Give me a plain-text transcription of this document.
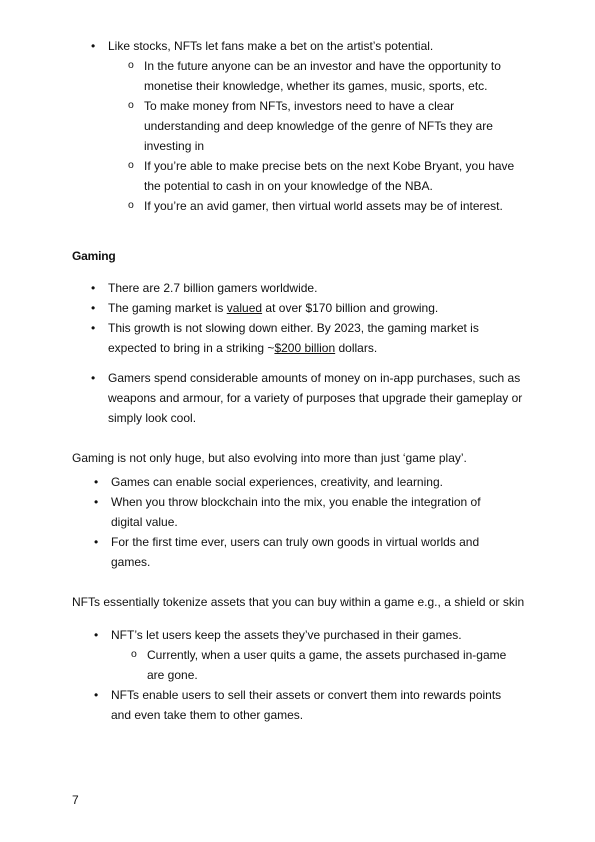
• Like stocks, NFTs let fans make a bet on the artist’s potential.
o In the future anyone can be an investor and have the opportunity to monetise their knowledge, whether its games, music, sports, etc.
o To make money from NFTs, investors need to have a clear understanding and deep knowledge of the genre of NFTs they are investing in
o If you’re able to make precise bets on the next Kobe Bryant, you have the potential to cash in on your knowledge of the NBA.
o If you’re an avid gamer, then virtual world assets may be of interest.

Gaming

• There are 2.7 billion gamers worldwide.
• The gaming market is valued at over $170 billion and growing.
• This growth is not slowing down either. By 2023, the gaming market is expected to bring in a striking ~$200 billion dollars.
• Gamers spend considerable amounts of money on in-app purchases, such as weapons and armour, for a variety of purposes that upgrade their gameplay or simply look cool.

Gaming is not only huge, but also evolving into more than just ‘game play’.

• Games can enable social experiences, creativity, and learning.
• When you throw blockchain into the mix, you enable the integration of digital value.
• For the first time ever, users can truly own goods in virtual worlds and games.

NFTs essentially tokenize assets that you can buy within a game e.g., a shield or skin

• NFT’s let users keep the assets they’ve purchased in their games.
o Currently, when a user quits a game, the assets purchased in-game are gone.
• NFTs enable users to sell their assets or convert them into rewards points and even take them to other games.

7
